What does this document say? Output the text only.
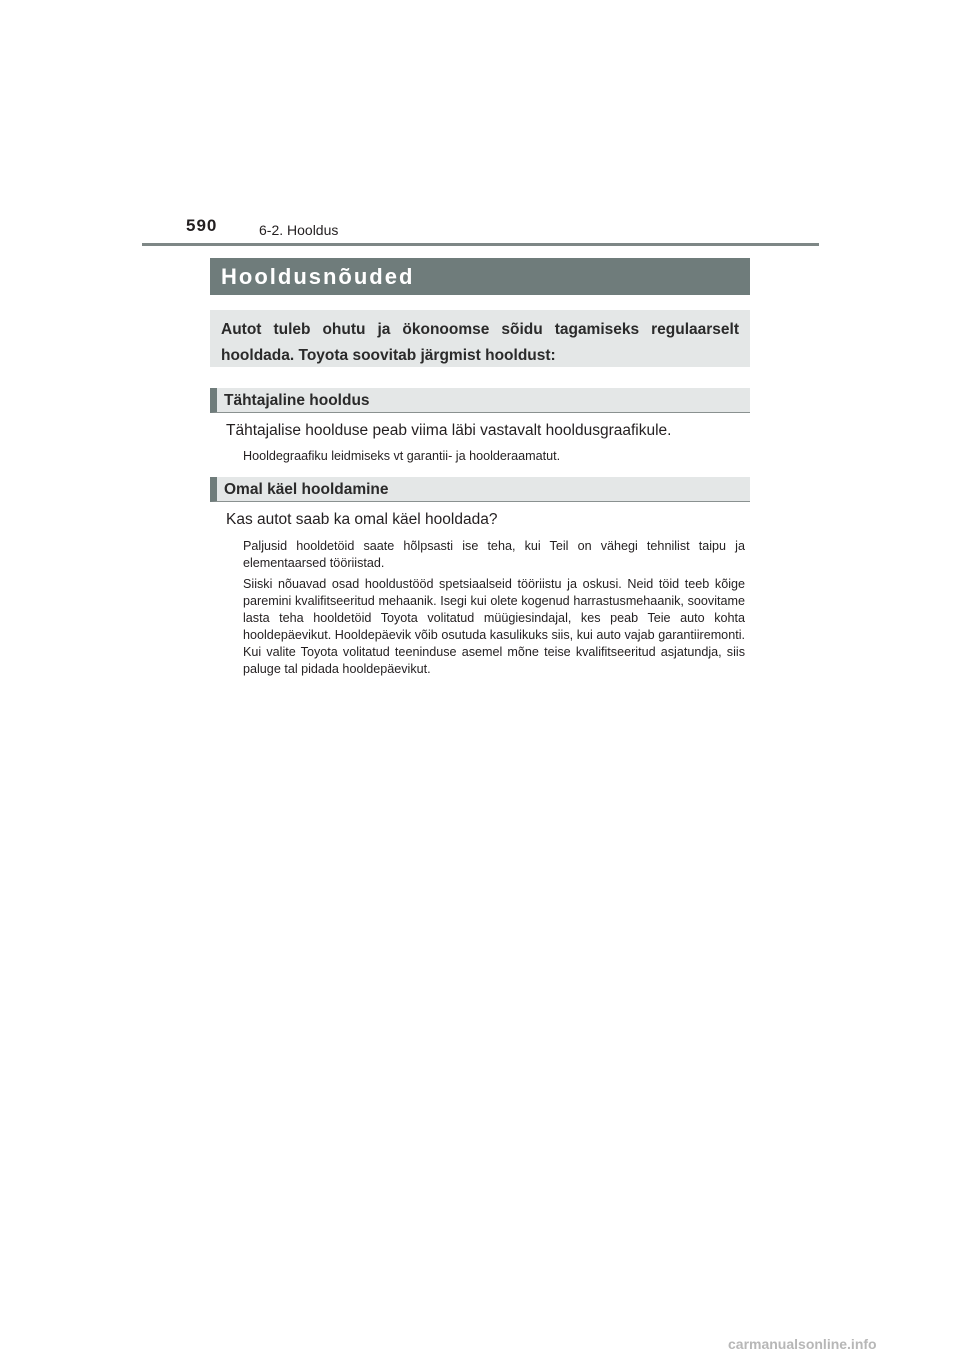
590	6-2. Hooldus
Hooldusnõuded
Autot tuleb ohutu ja ökonoomse sõidu tagamiseks regulaarselt hooldada. Toyota soovitab järgmist hooldust:
Tähtajaline hooldus
Tähtajalise hoolduse peab viima läbi vastavalt hooldusgraafikule.
Hooldegraafiku leidmiseks vt garantii- ja hoolderaamatut.
Omal käel hooldamine
Kas autot saab ka omal käel hooldada?
Paljusid hooldetöid saate hõlpsasti ise teha, kui Teil on vähegi tehnilist taipu ja elementaarsed tööriistad.
Siiski nõuavad osad hooldustööd spetsiaalseid tööriistu ja oskusi. Neid töid teeb kõige paremini kvalifitseeritud mehaanik. Isegi kui olete kogenud harrastusmehaanik, soovitame lasta teha hooldetöid Toyota volitatud müügiesindajal, kes peab Teie auto kohta hooldepäevikut. Hooldepäevik võib osutuda kasulikuks siis, kui auto vajab garantiiremonti. Kui valite Toyota volitatud teeninduse asemel mõne teise kvalifitseeritud asjatundja, siis paluge tal pidada hooldepäevikut.
carmanualsonline.info
